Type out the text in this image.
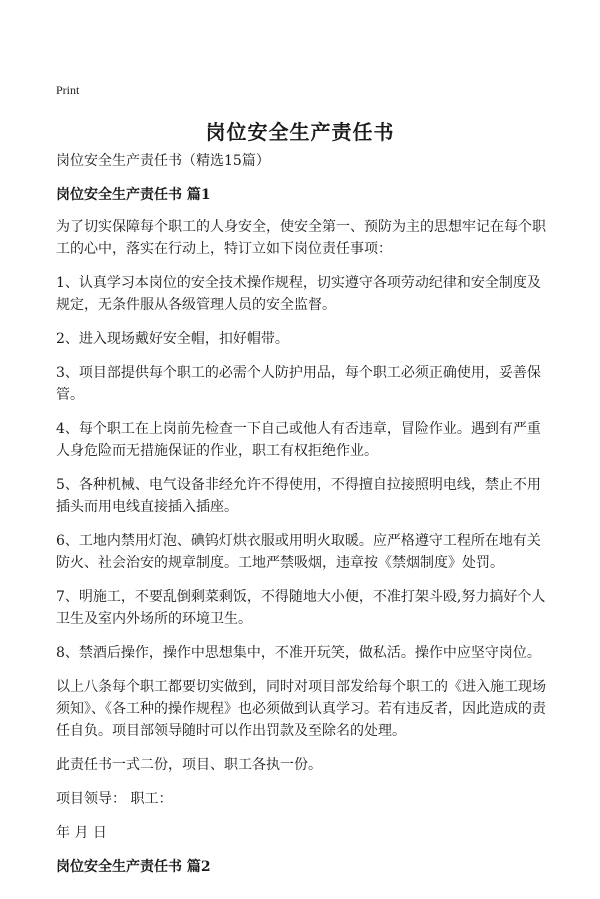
Print
岗位安全生产责任书

岗位安全生产责任书（精选15篇）

岗位安全生产责任书 篇1

为了切实保障每个职工的人身安全，使安全第一、预防为主的思想牢记在每个职工的心中，落实在行动上，特订立如下岗位责任事项：

1、认真学习本岗位的安全技术操作规程，切实遵守各项劳动纪律和安全制度及规定，无条件服从各级管理人员的安全监督。

2、进入现场戴好安全帽，扣好帽带。

3、项目部提供每个职工的必需个人防护用品，每个职工必须正确使用，妥善保管。

4、每个职工在上岗前先检查一下自己或他人有否违章，冒险作业。遇到有严重人身危险而无措施保证的作业，职工有权拒绝作业。

5、各种机械、电气设备非经允许不得使用，不得擅自拉接照明电线，禁止不用插头而用电线直接插入插座。

6、工地内禁用灯泡、碘钨灯烘衣服或用明火取暖。应严格遵守工程所在地有关防火、社会治安的规章制度。工地严禁吸烟，违章按《禁烟制度》处罚。

7、明施工，不要乱倒剩菜剩饭，不得随地大小便，不准打架斗殴,努力搞好个人卫生及室内外场所的环境卫生。

8、禁酒后操作，操作中思想集中，不准开玩笑，做私活。操作中应坚守岗位。

以上八条每个职工都要切实做到，同时对项目部发给每个职工的《进入施工现场须知》、《各工种的操作规程》也必须做到认真学习。若有违反者，因此造成的责任自负。项目部领导随时可以作出罚款及至除名的处理。

此责任书一式二份，项目、职工各执一份。

项目领导： 职工：

年 月 日

岗位安全生产责任书 篇2
